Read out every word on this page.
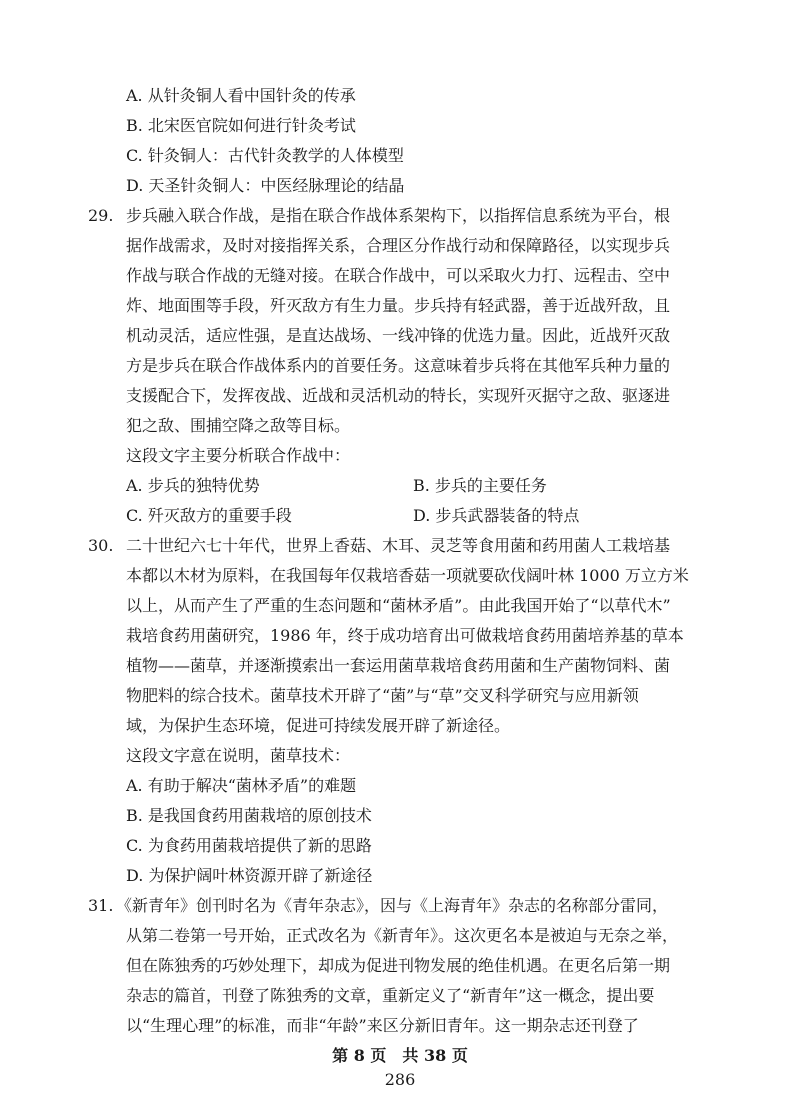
A. 从针灸铜人看中国针灸的传承
B. 北宋医官院如何进行针灸考试
C. 针灸铜人：古代针灸教学的人体模型
D. 天圣针灸铜人：中医经脉理论的结晶
29. 步兵融入联合作战，是指在联合作战体系架构下，以指挥信息系统为平台，根
据作战需求，及时对接指挥关系，合理区分作战行动和保障路径，以实现步兵
作战与联合作战的无缝对接。在联合作战中，可以采取火力打、远程击、空中
炸、地面围等手段，歼灭敌方有生力量。步兵持有轻武器，善于近战歼敌，且
机动灵活，适应性强，是直达战场、一线冲锋的优选力量。因此，近战歼灭敌
方是步兵在联合作战体系内的首要任务。这意味着步兵将在其他军兵种力量的
支援配合下，发挥夜战、近战和灵活机动的特长，实现歼灭据守之敌、驱逐进
犯之敌、围捕空降之敌等目标。
这段文字主要分析联合作战中：
A. 步兵的独特优势	B. 步兵的主要任务
C. 歼灭敌方的重要手段	D. 步兵武器装备的特点
30. 二十世纪六七十年代，世界上香菇、木耳、灵芝等食用菌和药用菌人工栽培基
本都以木材为原料，在我国每年仅栽培香菇一项就要砍伐阔叶林 1000 万立方米
以上，从而产生了严重的生态问题和“菌林矛盾”。由此我国开始了“以草代木”
栽培食药用菌研究，1986 年，终于成功培育出可做栽培食药用菌培养基的草本
植物——菌草，并逐渐摸索出一套运用菌草栽培食药用菌和生产菌物饲料、菌
物肥料的综合技术。菌草技术开辟了“菌”与“草”交叉科学研究与应用新领
域，为保护生态环境，促进可持续发展开辟了新途径。
这段文字意在说明，菌草技术：
A. 有助于解决“菌林矛盾”的难题
B. 是我国食药用菌栽培的原创技术
C. 为食药用菌栽培提供了新的思路
D. 为保护阔叶林资源开辟了新途径
31. 《新青年》创刊时名为《青年杂志》，因与《上海青年》杂志的名称部分雷同，
从第二卷第一号开始，正式改名为《新青年》。这次更名本是被迫与无奈之举，
但在陈独秀的巧妙处理下，却成为促进刊物发展的绝佳机遇。在更名后第一期
杂志的篇首，刊登了陈独秀的文章，重新定义了“新青年”这一概念，提出要
以“生理心理”的标准，而非“年龄”来区分新旧青年。这一期杂志还刊登了
第 8 页　共 38 页
286
